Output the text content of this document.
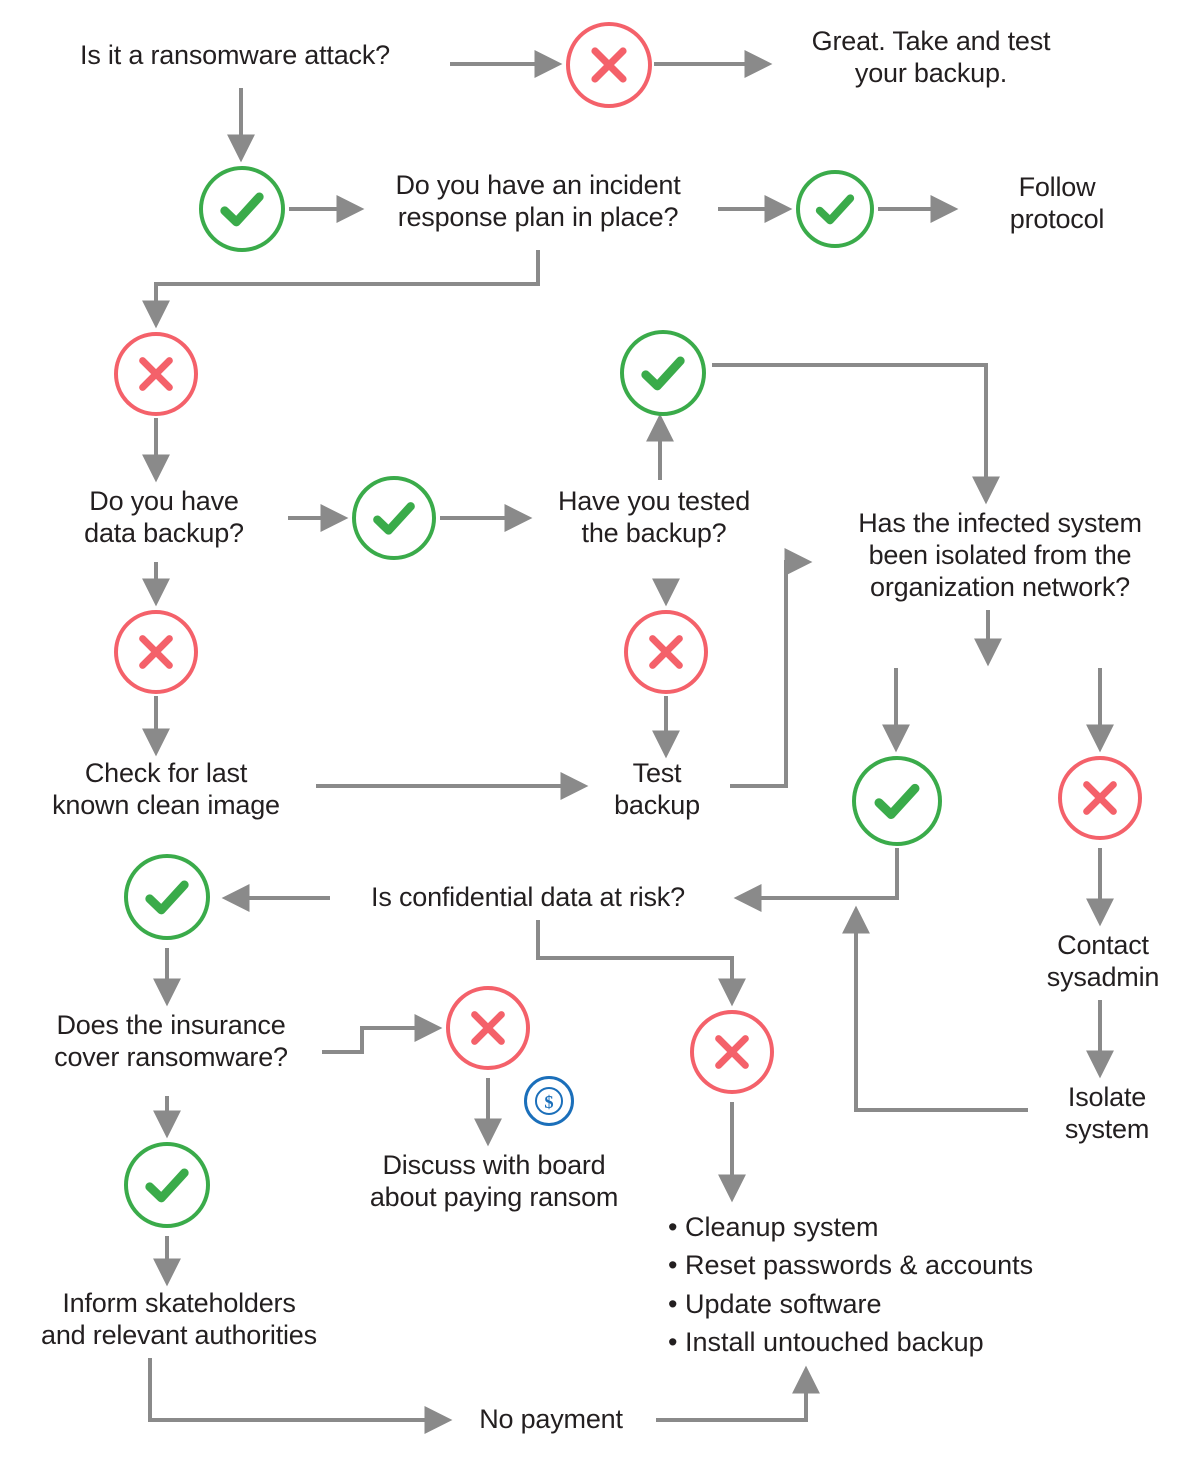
Is it a ransomware attack?	Great. Take and test
your backup.
Do you have an incident
response plan in place?
Follow
protocol
Do you have
data backup?
Have you tested
the backup?	Has the infected system
been isolated from the
organization network?
Check for last
known clean image
Test
backup
Contact
sysadmin
Is confidential data at risk?
Does the insurance
cover ransomware?
Isolate
system
Discuss with board
about paying ransom
Inform skateholders
and relevant authorities
No payment
• Cleanup system
• Reset passwords & accounts
• Update software
• Install untouched backup
$
